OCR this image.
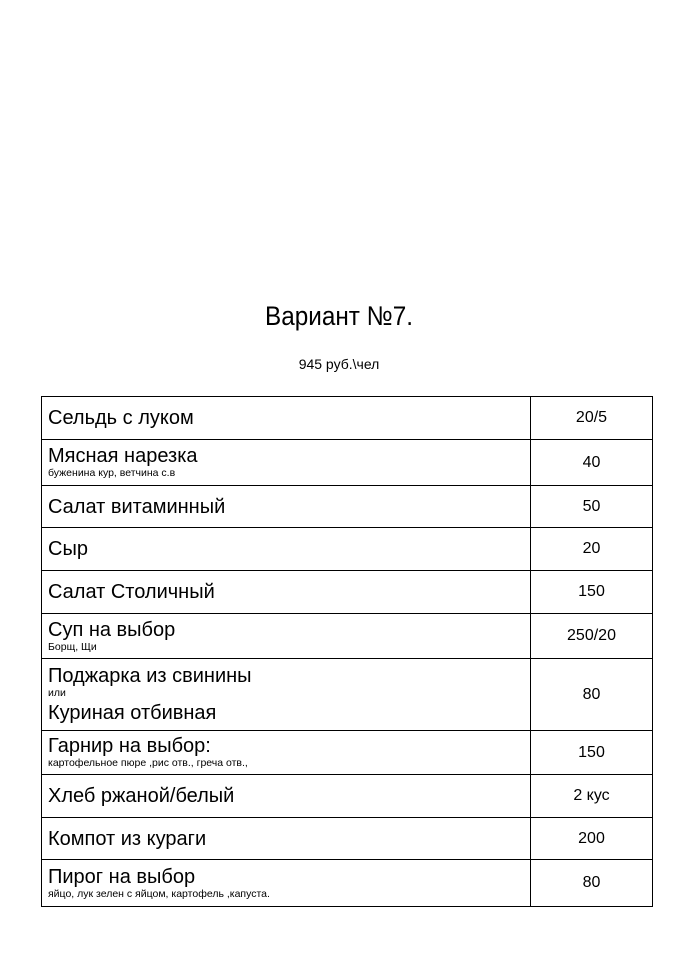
Вариант №7.
945 руб.\чел
Сельдь с луком	20/5

Мясная нарезка
буженина кур, ветчина с.в	40

Салат витаминный	50

Сыр	20

Салат Столичный	150

Суп на выбор
Борщ, Щи	250/20

Поджарка из свинины
или
Куриная отбивная	80

Гарнир на выбор:
картофельное пюре ,рис отв., греча отв.,	150

Хлеб ржаной/белый	2 кус

Компот из кураги	200

Пирог на выбор
яйцо, лук зелен с яйцом, картофель ,капуста.	80
